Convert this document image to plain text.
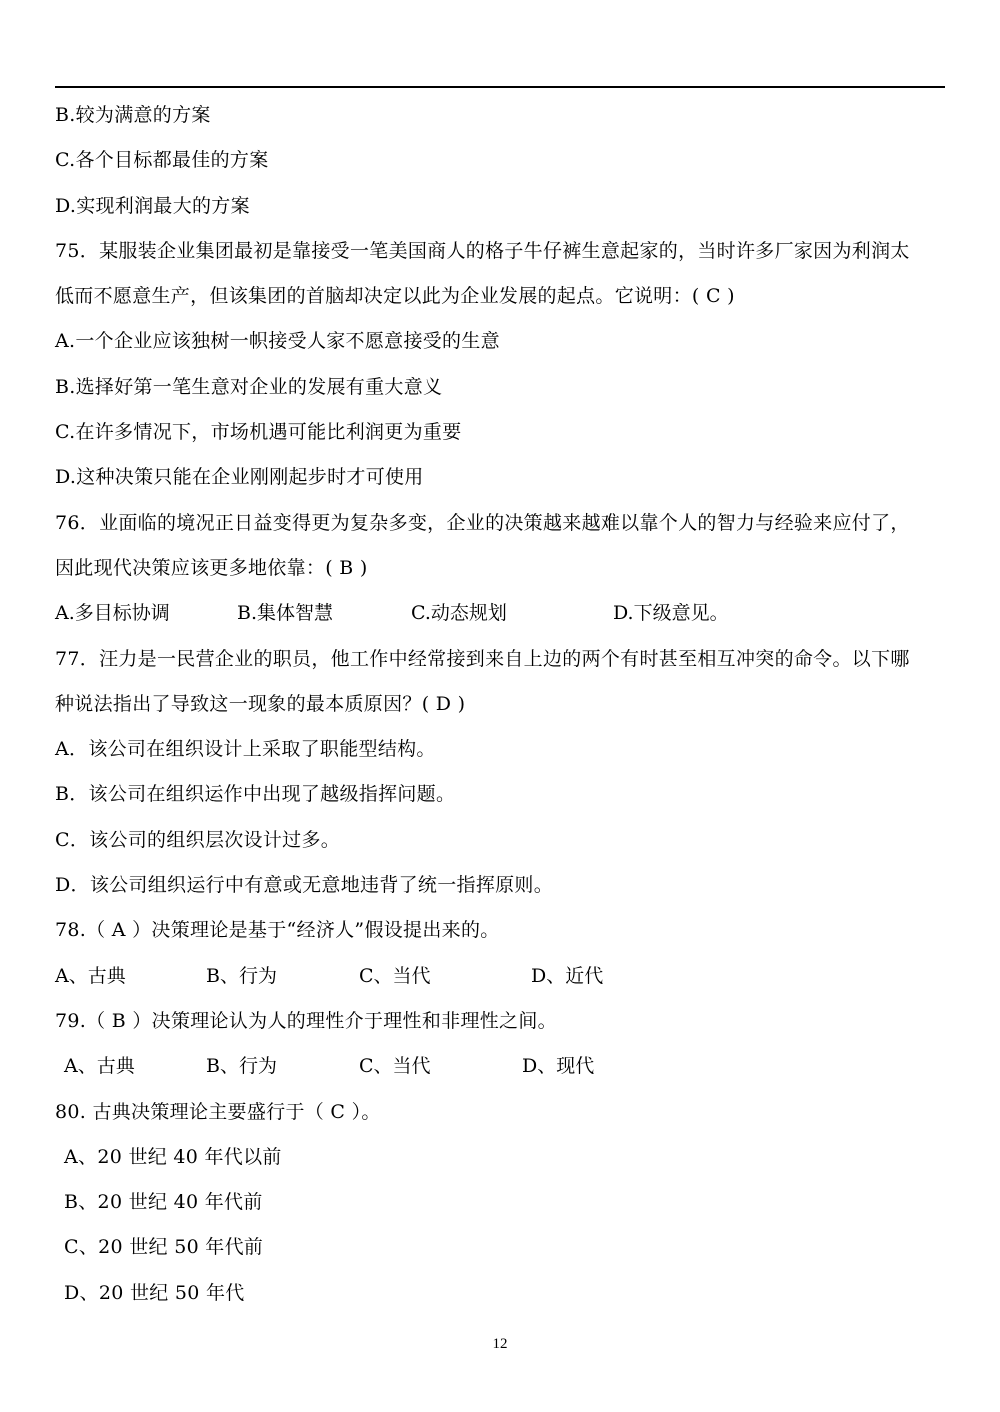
B.较为满意的方案
C.各个目标都最佳的方案
D.实现利润最大的方案
75．某服装企业集团最初是靠接受一笔美国商人的格子牛仔裤生意起家的，当时许多厂家因为利润太
低而不愿意生产，但该集团的首脑却决定以此为企业发展的起点。它说明：( C )
A.一个企业应该独树一帜接受人家不愿意接受的生意
B.选择好第一笔生意对企业的发展有重大意义
C.在许多情况下，市场机遇可能比利润更为重要
D.这种决策只能在企业刚刚起步时才可使用
76．业面临的境况正日益变得更为复杂多变，企业的决策越来越难以靠个人的智力与经验来应付了，
因此现代决策应该更多地依靠：( B )
A.多目标协调	B.集体智慧	C.动态规划	D.下级意见。
77．汪力是一民营企业的职员，他工作中经常接到来自上边的两个有时甚至相互冲突的命令。以下哪
种说法指出了导致这一现象的最本质原因？( D )
A．该公司在组织设计上采取了职能型结构。
B．该公司在组织运作中出现了越级指挥问题。
C．该公司的组织层次设计过多。
D．该公司组织运行中有意或无意地违背了统一指挥原则。
78.（ A ）决策理论是基于“经济人”假设提出来的。
A、古典	B、行为	C、当代	D、近代
79.（ B ）决策理论认为人的理性介于理性和非理性之间。
A、古典	B、行为	C、当代	D、现代
80. 古典决策理论主要盛行于（ C ）。
A、20 世纪 40 年代以前
B、20 世纪 40 年代前
C、20 世纪 50 年代前
D、20 世纪 50 年代
12
